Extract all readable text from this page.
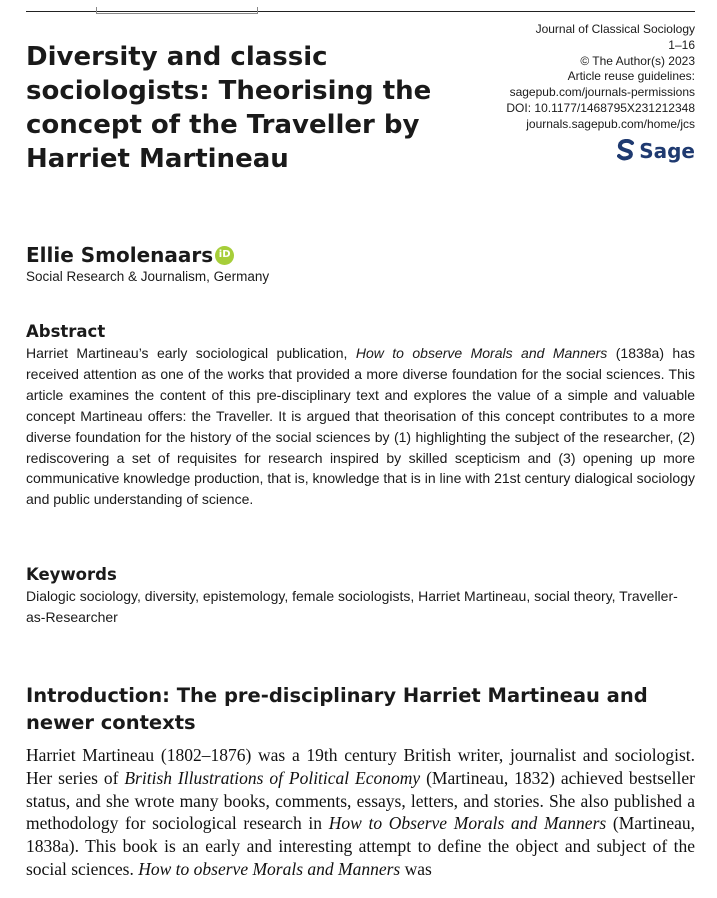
Diversity and classic sociologists: Theorising the concept of the Traveller by Harriet Martineau
Journal of Classical Sociology
1–16
© The Author(s) 2023
Article reuse guidelines:
sagepub.com/journals-permissions
DOI: 10.1177/1468795X231212348
journals.sagepub.com/home/jcs
Sage
Ellie Smolenaars iD
Social Research & Journalism, Germany
Abstract

Harriet Martineau’s early sociological publication, How to observe Morals and Manners (1838a) has received attention as one of the works that provided a more diverse foundation for the social sciences. This article examines the content of this pre-disciplinary text and explores the value of a simple and valuable concept Martineau offers: the Traveller. It is argued that theorisation of this concept contributes to a more diverse foundation for the history of the social sciences by (1) highlighting the subject of the researcher, (2) rediscovering a set of requisites for research inspired by skilled scepticism and (3) opening up more communicative knowledge production, that is, knowledge that is in line with 21st century dialogical sociology and public understanding of science.

Keywords

Dialogic sociology, diversity, epistemology, female sociologists, Harriet Martineau, social theory, Traveller-as-Researcher

Introduction: The pre-disciplinary Harriet Martineau and newer contexts

Harriet Martineau (1802–1876) was a 19th century British writer, journalist and sociologist. Her series of British Illustrations of Political Economy (Martineau, 1832) achieved bestseller status, and she wrote many books, comments, essays, letters, and stories. She also published a methodology for sociological research in How to Observe Morals and Manners (Martineau, 1838a). This book is an early and interesting attempt to define the object and subject of the social sciences. How to observe Morals and Manners was
